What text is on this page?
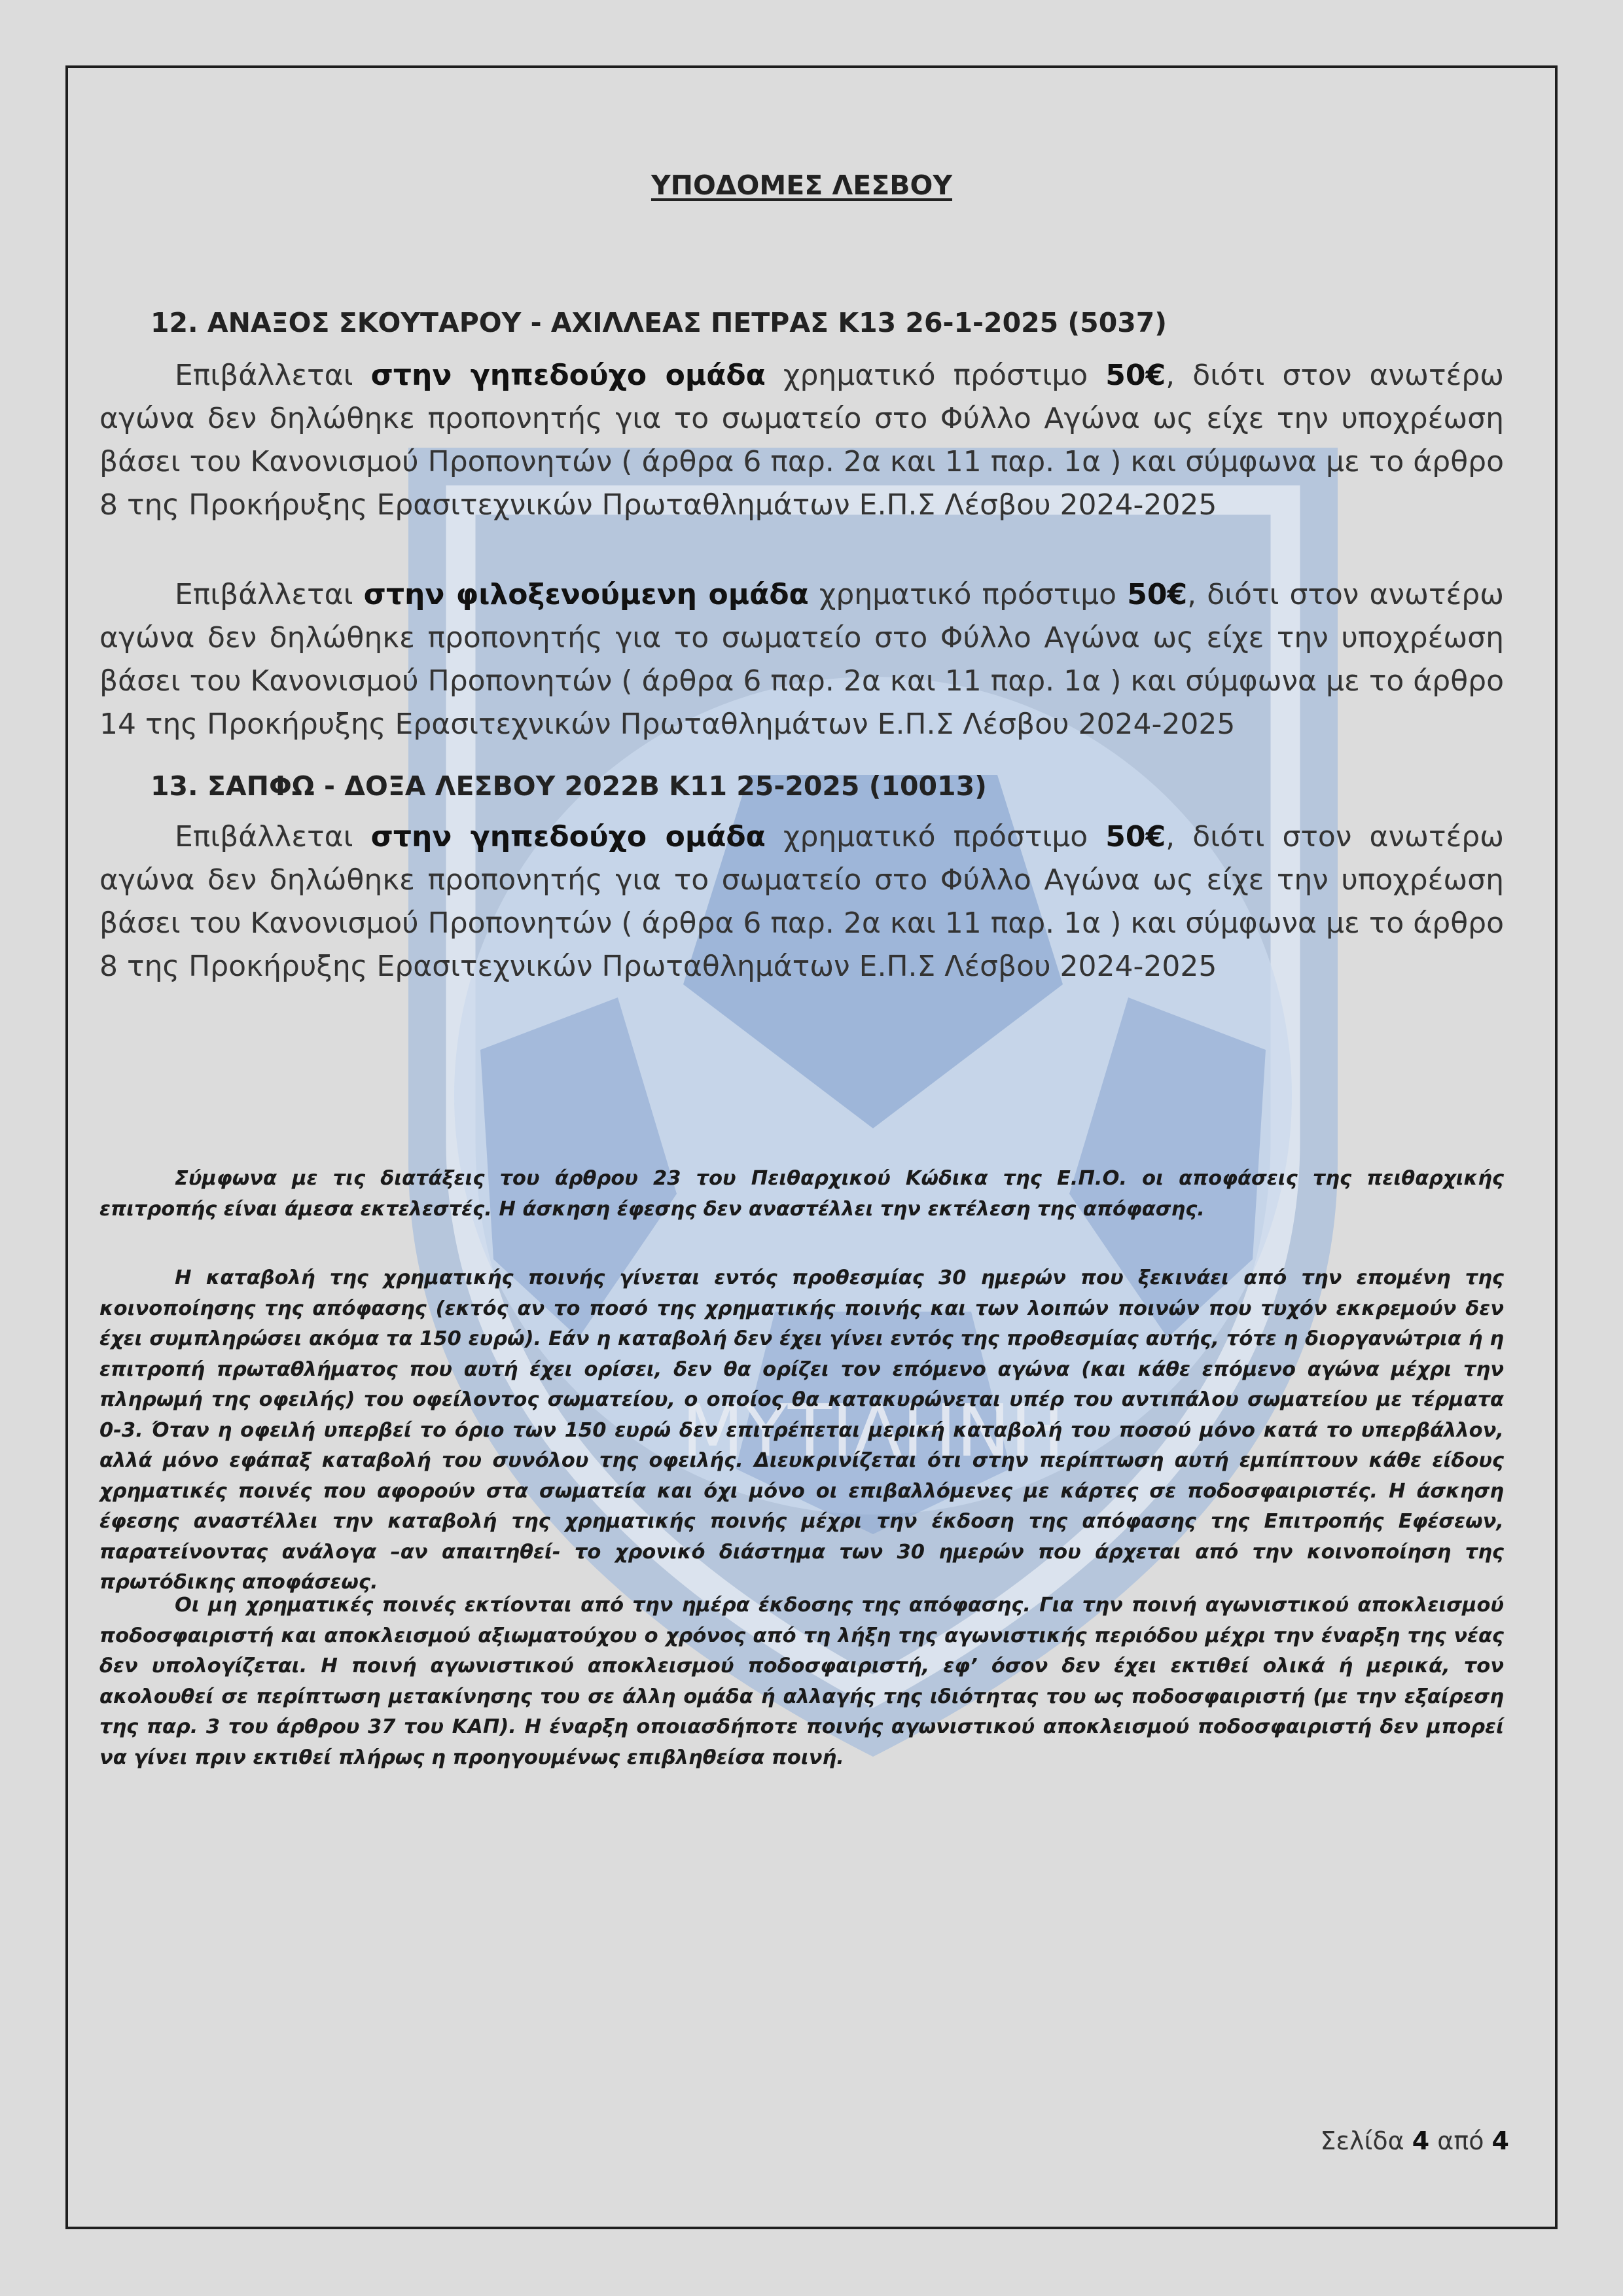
ΜΥΤΙΛΗΝΗ
ΥΠΟΔΟΜΕΣ ΛΕΣΒΟΥ
12. ΑΝΑΞΟΣ ΣΚΟΥΤΑΡΟΥ - ΑΧΙΛΛΕΑΣ ΠΕΤΡΑΣ Κ13 26-1-2025 (5037)

Επιβάλλεται στην γηπεδούχο ομάδα χρηματικό πρόστιμο 50€, διότι στον ανωτέρω αγώνα δεν δηλώθηκε προπονητής για το σωματείο στο Φύλλο Αγώνα ως είχε την υποχρέωση βάσει του Κανονισμού Προπονητών ( άρθρα 6 παρ. 2α και 11 παρ. 1α ) και σύμφωνα με το άρθρο 8 της Προκήρυξης Ερασιτεχνικών Πρωταθλημάτων Ε.Π.Σ Λέσβου 2024-2025

Επιβάλλεται στην φιλοξενούμενη ομάδα χρηματικό πρόστιμο 50€, διότι στον ανωτέρω αγώνα δεν δηλώθηκε προπονητής για το σωματείο στο Φύλλο Αγώνα ως είχε την υποχρέωση βάσει του Κανονισμού Προπονητών ( άρθρα 6 παρ. 2α και 11 παρ. 1α ) και σύμφωνα με το άρθρο 14 της Προκήρυξης Ερασιτεχνικών Πρωταθλημάτων Ε.Π.Σ Λέσβου 2024-2025

13. ΣΑΠΦΩ - ΔΟΞΑ ΛΕΣΒΟΥ 2022Β Κ11 25-2025 (10013)

Επιβάλλεται στην γηπεδούχο ομάδα χρηματικό πρόστιμο 50€, διότι στον ανωτέρω αγώνα δεν δηλώθηκε προπονητής για το σωματείο στο Φύλλο Αγώνα ως είχε την υποχρέωση βάσει του Κανονισμού Προπονητών ( άρθρα 6 παρ. 2α και 11 παρ. 1α ) και σύμφωνα με το άρθρο 8 της Προκήρυξης Ερασιτεχνικών Πρωταθλημάτων Ε.Π.Σ Λέσβου 2024-2025

Σύμφωνα με τις διατάξεις του άρθρου 23 του Πειθαρχικού Κώδικα της Ε.Π.Ο. οι αποφάσεις της πειθαρχικής επιτροπής είναι άμεσα εκτελεστές. Η άσκηση έφεσης δεν αναστέλλει την εκτέλεση της απόφασης.

Η καταβολή της χρηματικής ποινής γίνεται εντός προθεσμίας 30 ημερών που ξεκινάει από την επομένη της κοινοποίησης της απόφασης (εκτός αν το ποσό της χρηματικής ποινής και των λοιπών ποινών που τυχόν εκκρεμούν δεν έχει συμπληρώσει ακόμα τα 150 ευρώ). Εάν η καταβολή δεν έχει γίνει εντός της προθεσμίας αυτής, τότε η διοργανώτρια ή η επιτροπή πρωταθλήματος που αυτή έχει ορίσει, δεν θα ορίζει τον επόμενο αγώνα (και κάθε επόμενο αγώνα μέχρι την πληρωμή της οφειλής) του οφείλοντος σωματείου, ο οποίος θα κατακυρώνεται υπέρ του αντιπάλου σωματείου με τέρματα 0-3. Όταν η οφειλή υπερβεί το όριο των 150 ευρώ δεν επιτρέπεται μερική καταβολή του ποσού μόνο κατά το υπερβάλλον, αλλά μόνο εφάπαξ καταβολή του συνόλου της οφειλής. Διευκρινίζεται ότι στην περίπτωση αυτή εμπίπτουν κάθε είδους χρηματικές ποινές που αφορούν στα σωματεία και όχι μόνο οι επιβαλλόμενες με κάρτες σε ποδοσφαιριστές. Η άσκηση έφεσης αναστέλλει την καταβολή της χρηματικής ποινής μέχρι την έκδοση της απόφασης της Επιτροπής Εφέσεων, παρατείνοντας ανάλογα –αν απαιτηθεί- το χρονικό διάστημα των 30 ημερών που άρχεται από την κοινοποίηση της πρωτόδικης αποφάσεως.

Οι μη χρηματικές ποινές εκτίονται από την ημέρα έκδοσης της απόφασης. Για την ποινή αγωνιστικού αποκλεισμού ποδοσφαιριστή και αποκλεισμού αξιωματούχου ο χρόνος από τη λήξη της αγωνιστικής περιόδου μέχρι την έναρξη της νέας δεν υπολογίζεται. Η ποινή αγωνιστικού αποκλεισμού ποδοσφαιριστή, εφ’ όσον δεν έχει εκτιθεί ολικά ή μερικά, τον ακολουθεί σε περίπτωση μετακίνησης του σε άλλη ομάδα ή αλλαγής της ιδιότητας του ως ποδοσφαιριστή (με την εξαίρεση της παρ. 3 του άρθρου 37 του ΚΑΠ). Η έναρξη οποιασδήποτε ποινής αγωνιστικού αποκλεισμού ποδοσφαιριστή δεν μπορεί να γίνει πριν εκτιθεί πλήρως η προηγουμένως επιβληθείσα ποινή.

Σελίδα 4 από 4
